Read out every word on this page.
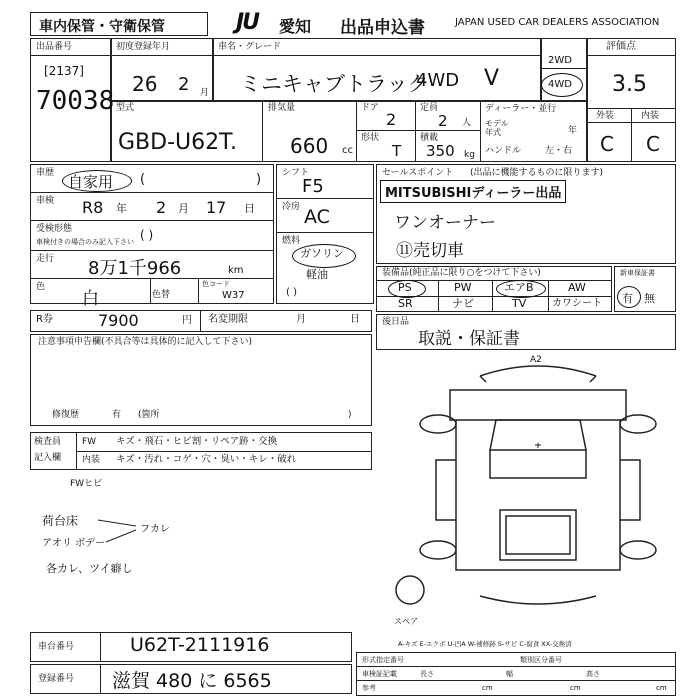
車内保管・守衛保管	JU 愛知 出品申込書	JAPAN USED CAR DEALERS ASSOCIATION
出品番号
[2137]
70038
初度登録年月
26 2 月
車名・グレード
ミニキャブトラック
4WD V
2WD
4WD
評価点
3.5
外装	内装
C C
型式
GBD-U62T.
排気量
660 cc
ドア
2
形状
T
定員
2 人
積載
350 kg
ディーラー・並行
モデル年式	年
ハンドル	左・右
車歴 自家用 (	)
車検 R8 年 2 月 17 日
受検形態
車検付きの場合のみ記入下さい ( )
走行 8万1千966	km
色
白	色替
色コード
W37
シフト
F5
冷房 AC
燃料
ガソリン
軽油
( )
セールスポイント (出品に機能するものに限ります)
MITSUBISHIディーラー出品
ワンオーナー
⑪売切車
装備品(純正品に限り○をつけて下さい)
PS	PW	エアB	AW
SR	ナビ	TV	カワシート
新車保証書
有 無
R券	7900	円 名変期限	月	日
注意事項申告欄(不具合等は具体的に記入して下さい)
修復歴	有 (箇所	)
検査員
記入欄
FW キズ・飛石・ヒビ割・リペア跡・交換
内装 キズ・汚れ・コゲ・穴・臭い・キレ・破れ
FWヒビ
荷台床
アオリ ボデー
フカレ
各カレ、ツイ癖し
後日品
取説・保証書
A2
スペア
A-キズ E-エクボ U-凹A W-補修跡 S-サビ C-腐食 XX-交換済
車台番号	U62T-2111916
登録番号 滋賀 480 に 6565
形式指定番号	類別区分番号
車検証記載	長さ	幅	高さ
参考	cm	cm	cm
